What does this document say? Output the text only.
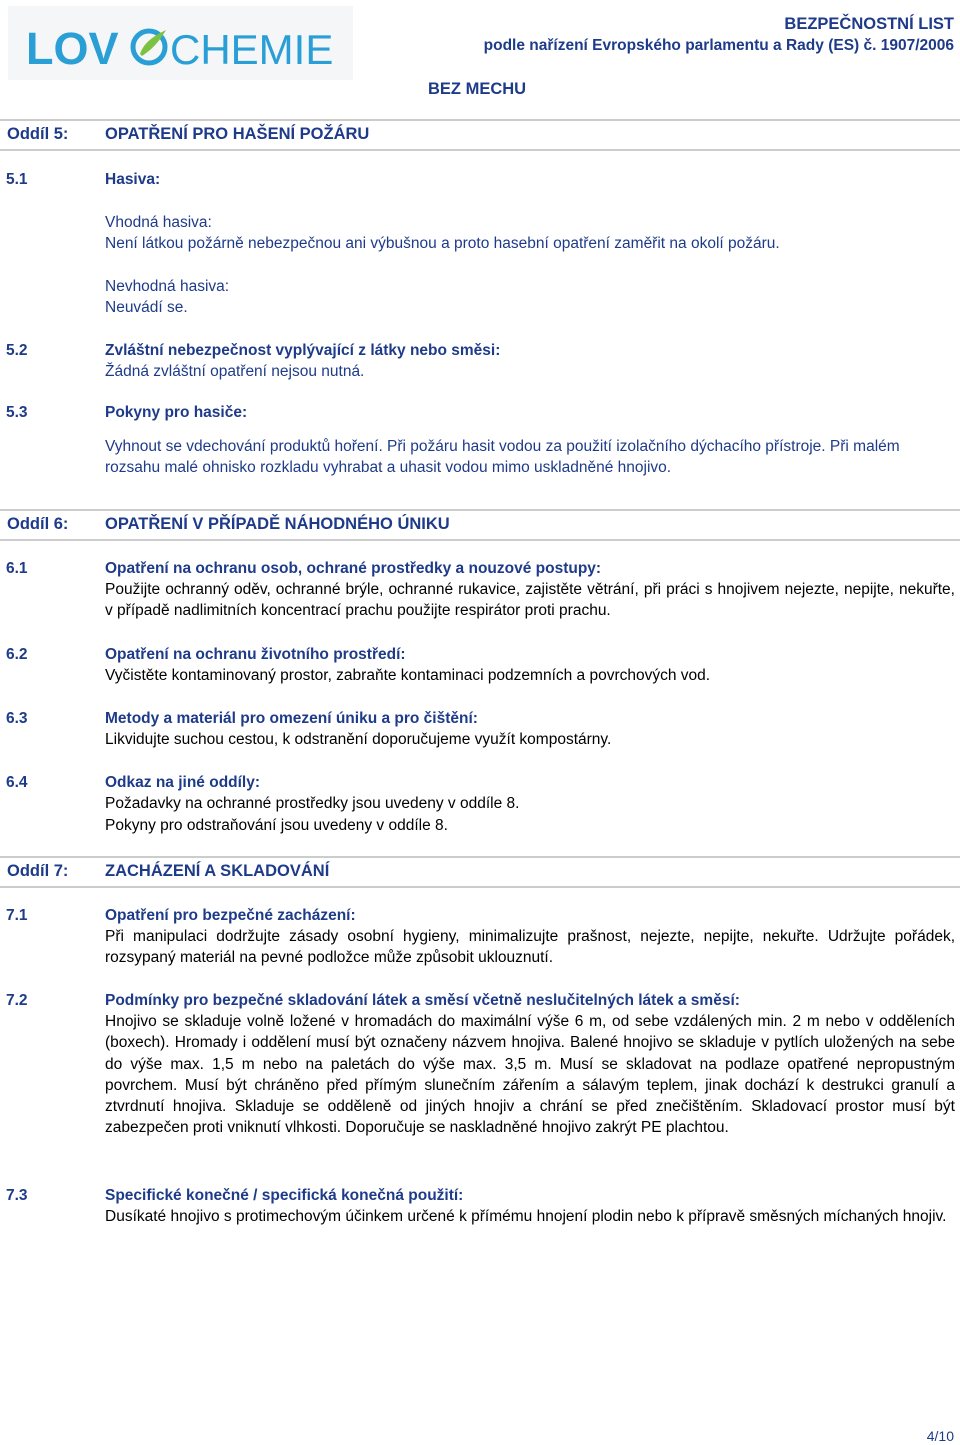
LOV CHEMIE
BEZPEČNOSTNÍ LIST
podle nařízení Evropského parlamentu a Rady (ES) č. 1907/2006
BEZ MECHU
Oddíl 5: OPATŘENÍ PRO HAŠENÍ POŽÁRU
5.1	Hasiva:
Vhodná hasiva:
Není látkou požárně nebezpečnou ani výbušnou a proto hasební opatření zaměřit na okolí požáru.
Nevhodná hasiva:
Neuvádí se.
5.2	Zvláštní nebezpečnost vyplývající z látky nebo směsi:
Žádná zvláštní opatření nejsou nutná.
5.3	Pokyny pro hasiče:
Vyhnout se vdechování produktů hoření. Při požáru hasit vodou za použití izolačního dýchacího přístroje. Při malém rozsahu malé ohnisko rozkladu vyhrabat a uhasit vodou mimo uskladněné hnojivo.
Oddíl 6: OPATŘENÍ V PŘÍPADĚ NÁHODNÉHO ÚNIKU
6.1	Opatření na ochranu osob, ochrané prostředky a nouzové postupy:
Použijte ochranný oděv, ochranné brýle, ochranné rukavice, zajistěte větrání, při práci s hnojivem nejezte, nepijte, nekuřte, v případě nadlimitních koncentrací prachu použijte respirátor proti prachu.
6.2	Opatření na ochranu životního prostředí:
Vyčistěte kontaminovaný prostor, zabraňte kontaminaci podzemních a povrchových vod.
6.3	Metody a materiál pro omezení úniku a pro čištění:
Likvidujte suchou cestou, k odstranění doporučujeme využít kompostárny.
6.4	Odkaz na jiné oddíly:
Požadavky na ochranné prostředky jsou uvedeny v oddíle 8.
Pokyny pro odstraňování jsou uvedeny v oddíle 8.
Oddíl 7: ZACHÁZENÍ A SKLADOVÁNÍ
7.1	Opatření pro bezpečné zacházení:
Při manipulaci dodržujte zásady osobní hygieny, minimalizujte prašnost, nejezte, nepijte, nekuřte. Udržujte pořádek, rozsypaný materiál na pevné podložce může způsobit uklouznutí.
7.2	Podmínky pro bezpečné skladování látek a směsí včetně neslučitelných látek a směsí:
Hnojivo se skladuje volně ložené v hromadách do maximální výše 6 m, od sebe vzdálených min. 2 m nebo v odděleních (boxech). Hromady i oddělení musí být označeny názvem hnojiva. Balené hnojivo se skladuje v pytlích uložených na sebe do výše max. 1,5 m nebo na paletách do výše max. 3,5 m. Musí se skladovat na podlaze opatřené nepropustným povrchem. Musí být chráněno před přímým slunečním zářením a sálavým teplem, jinak dochází k destrukci granulí a ztvrdnutí hnojiva. Skladuje se odděleně od jiných hnojiv a chrání se před znečištěním. Skladovací prostor musí být zabezpečen proti vniknutí vlhkosti. Doporučuje se naskladněné hnojivo zakrýt PE plachtou.
7.3	Specifické konečné / specifická konečná použití:
Dusíkaté hnojivo s protimechovým účinkem určené k přímému hnojení plodin nebo k přípravě směsných míchaných hnojiv.
4/10
